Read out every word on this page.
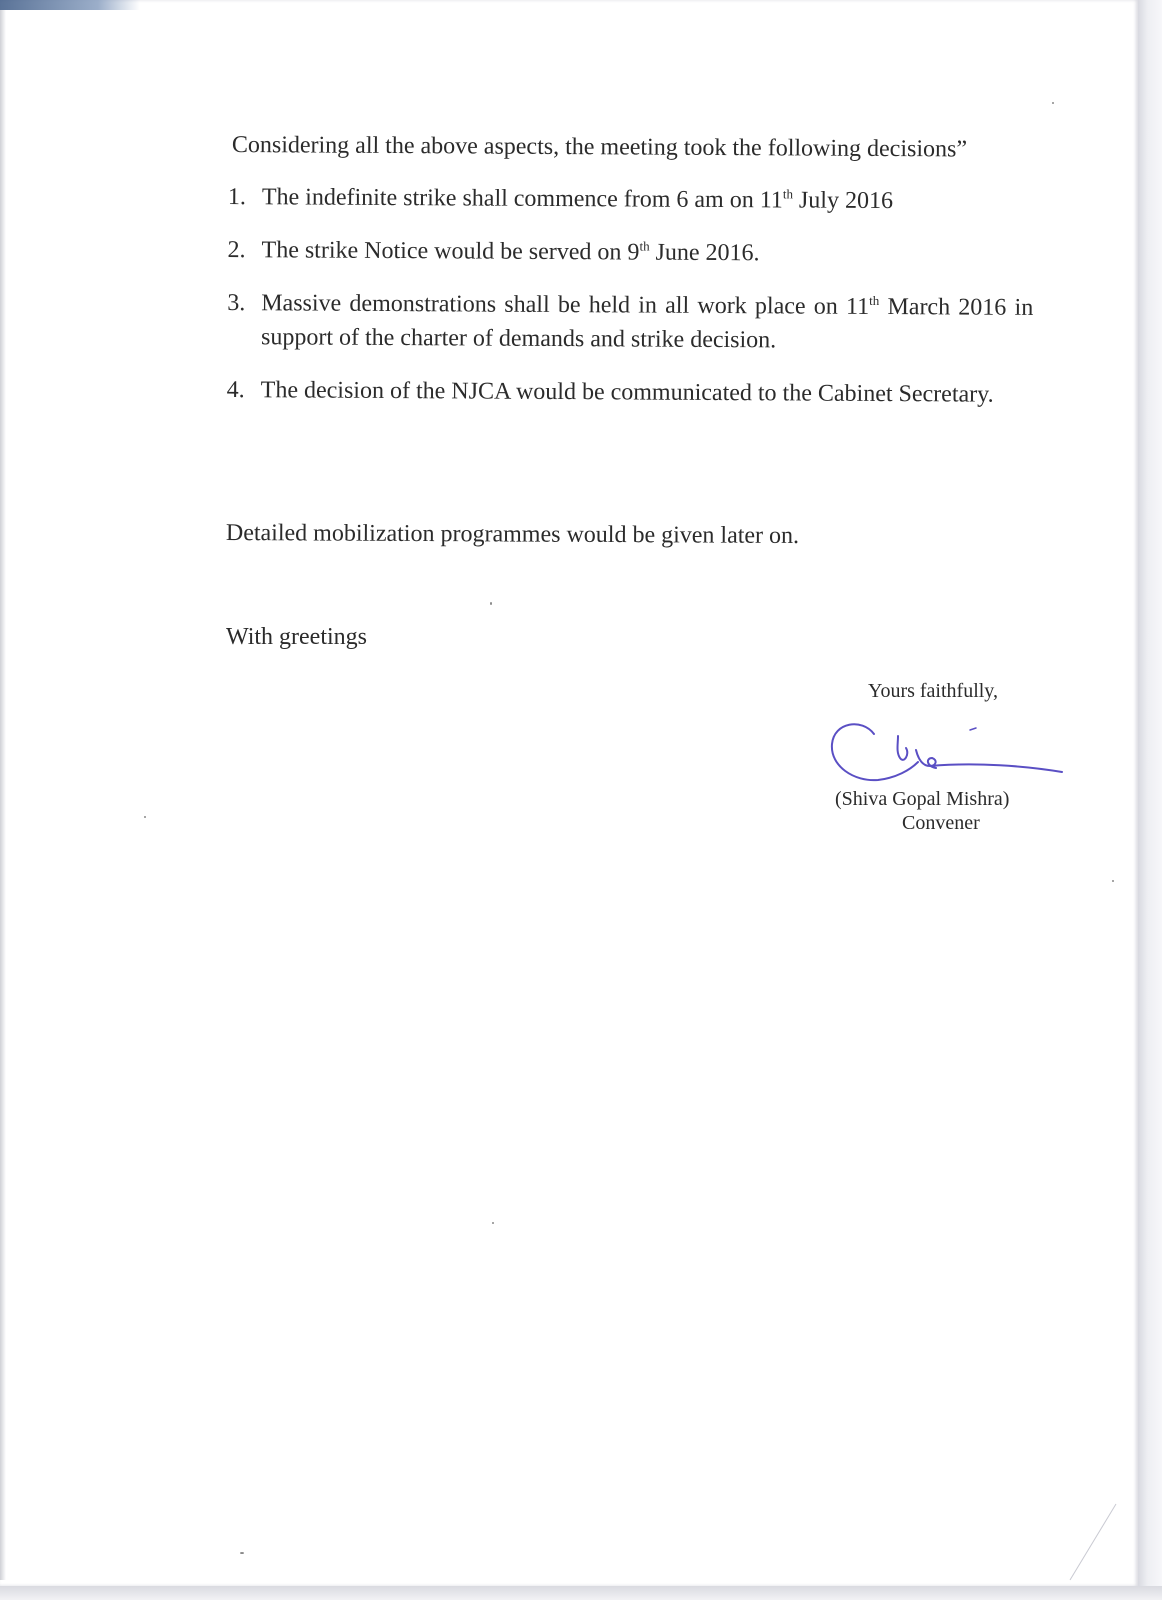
Considering all the above aspects, the meeting took the following decisions”
1. The indefinite strike shall commence from 6 am on 11th July 2016
2. The strike Notice would be served on 9th June 2016.
3. Massive demonstrations shall be held in all work place on 11th March 2016 in support of the charter of demands and strike decision.
4. The decision of the NJCA would be communicated to the Cabinet Secretary.
Detailed mobilization programmes would be given later on.
With greetings
Yours faithfully,
(Shiva Gopal Mishra)
Convener
